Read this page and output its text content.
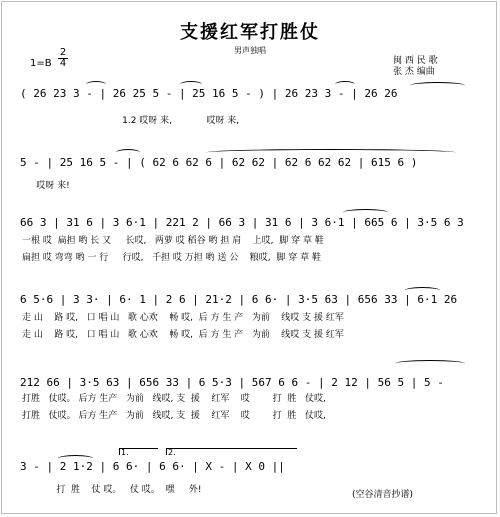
支援红军打胜仗
男声独唱
闽 西 民 歌
张 杰 编曲
1=B
2
4
( 26 23 3 - | 26 25 5 - | 25 16 5 - ) | 26 23 3 - | 26 26
1.2 哎呀 来,            哎呀 来,
5 - | 25 16 5 - | ( 62 6 62 6 | 62 62 | 62 6 62 62 | 615 6 )
哎呀 来!
66 3 | 31 6 | 3 6·1 | 221 2 | 66 3 | 31 6 | 3 6·1 | 665 6 | 3·5 6 3
一根 哎  扁担 哟 长 又     长哎,   两萝 哎 稻谷 哟 担 肩    上哎,  脚 穿 草 鞋
扁担 哎 弯弯 哟 一 行     行哎,   千担 哎 万担 哟 送 公    粮哎,  脚 穿 草 鞋
6 5·6 | 3 3· | 6· 1 | 2 6 | 21·2 | 6 6· | 3·5 63 | 656 33 | 6·1 26
走 山    路 哎,   口 唱 山   歌 心欢    畅 哎,  后 方 生 产   为前    线哎 支 援 红军
走 山    路 哎,   口 唱 山   歌 心欢    畅 哎,  后 方 生 产   为前    线哎 支 援 红军
212 66 | 3·5 63 | 656 33 | 6 5·3 | 567 6 6 - | 2 12 | 56 5 | 5 -
打胜   仗哎。 后方 生产   为前   线哎, 支  援    红军    哎        打  胜   仗哎,
打胜   仗哎。 后方 生产   为前   线哎, 支  援    红军    哎        打  胜   仗哎,
1.	2.
3 - | 2 1·2 | 6 6· | 6 6· | X - | X 0 ||
打  胜    仗 哎。   仗 哎。  嘿     外!	(空谷清音抄谱)
